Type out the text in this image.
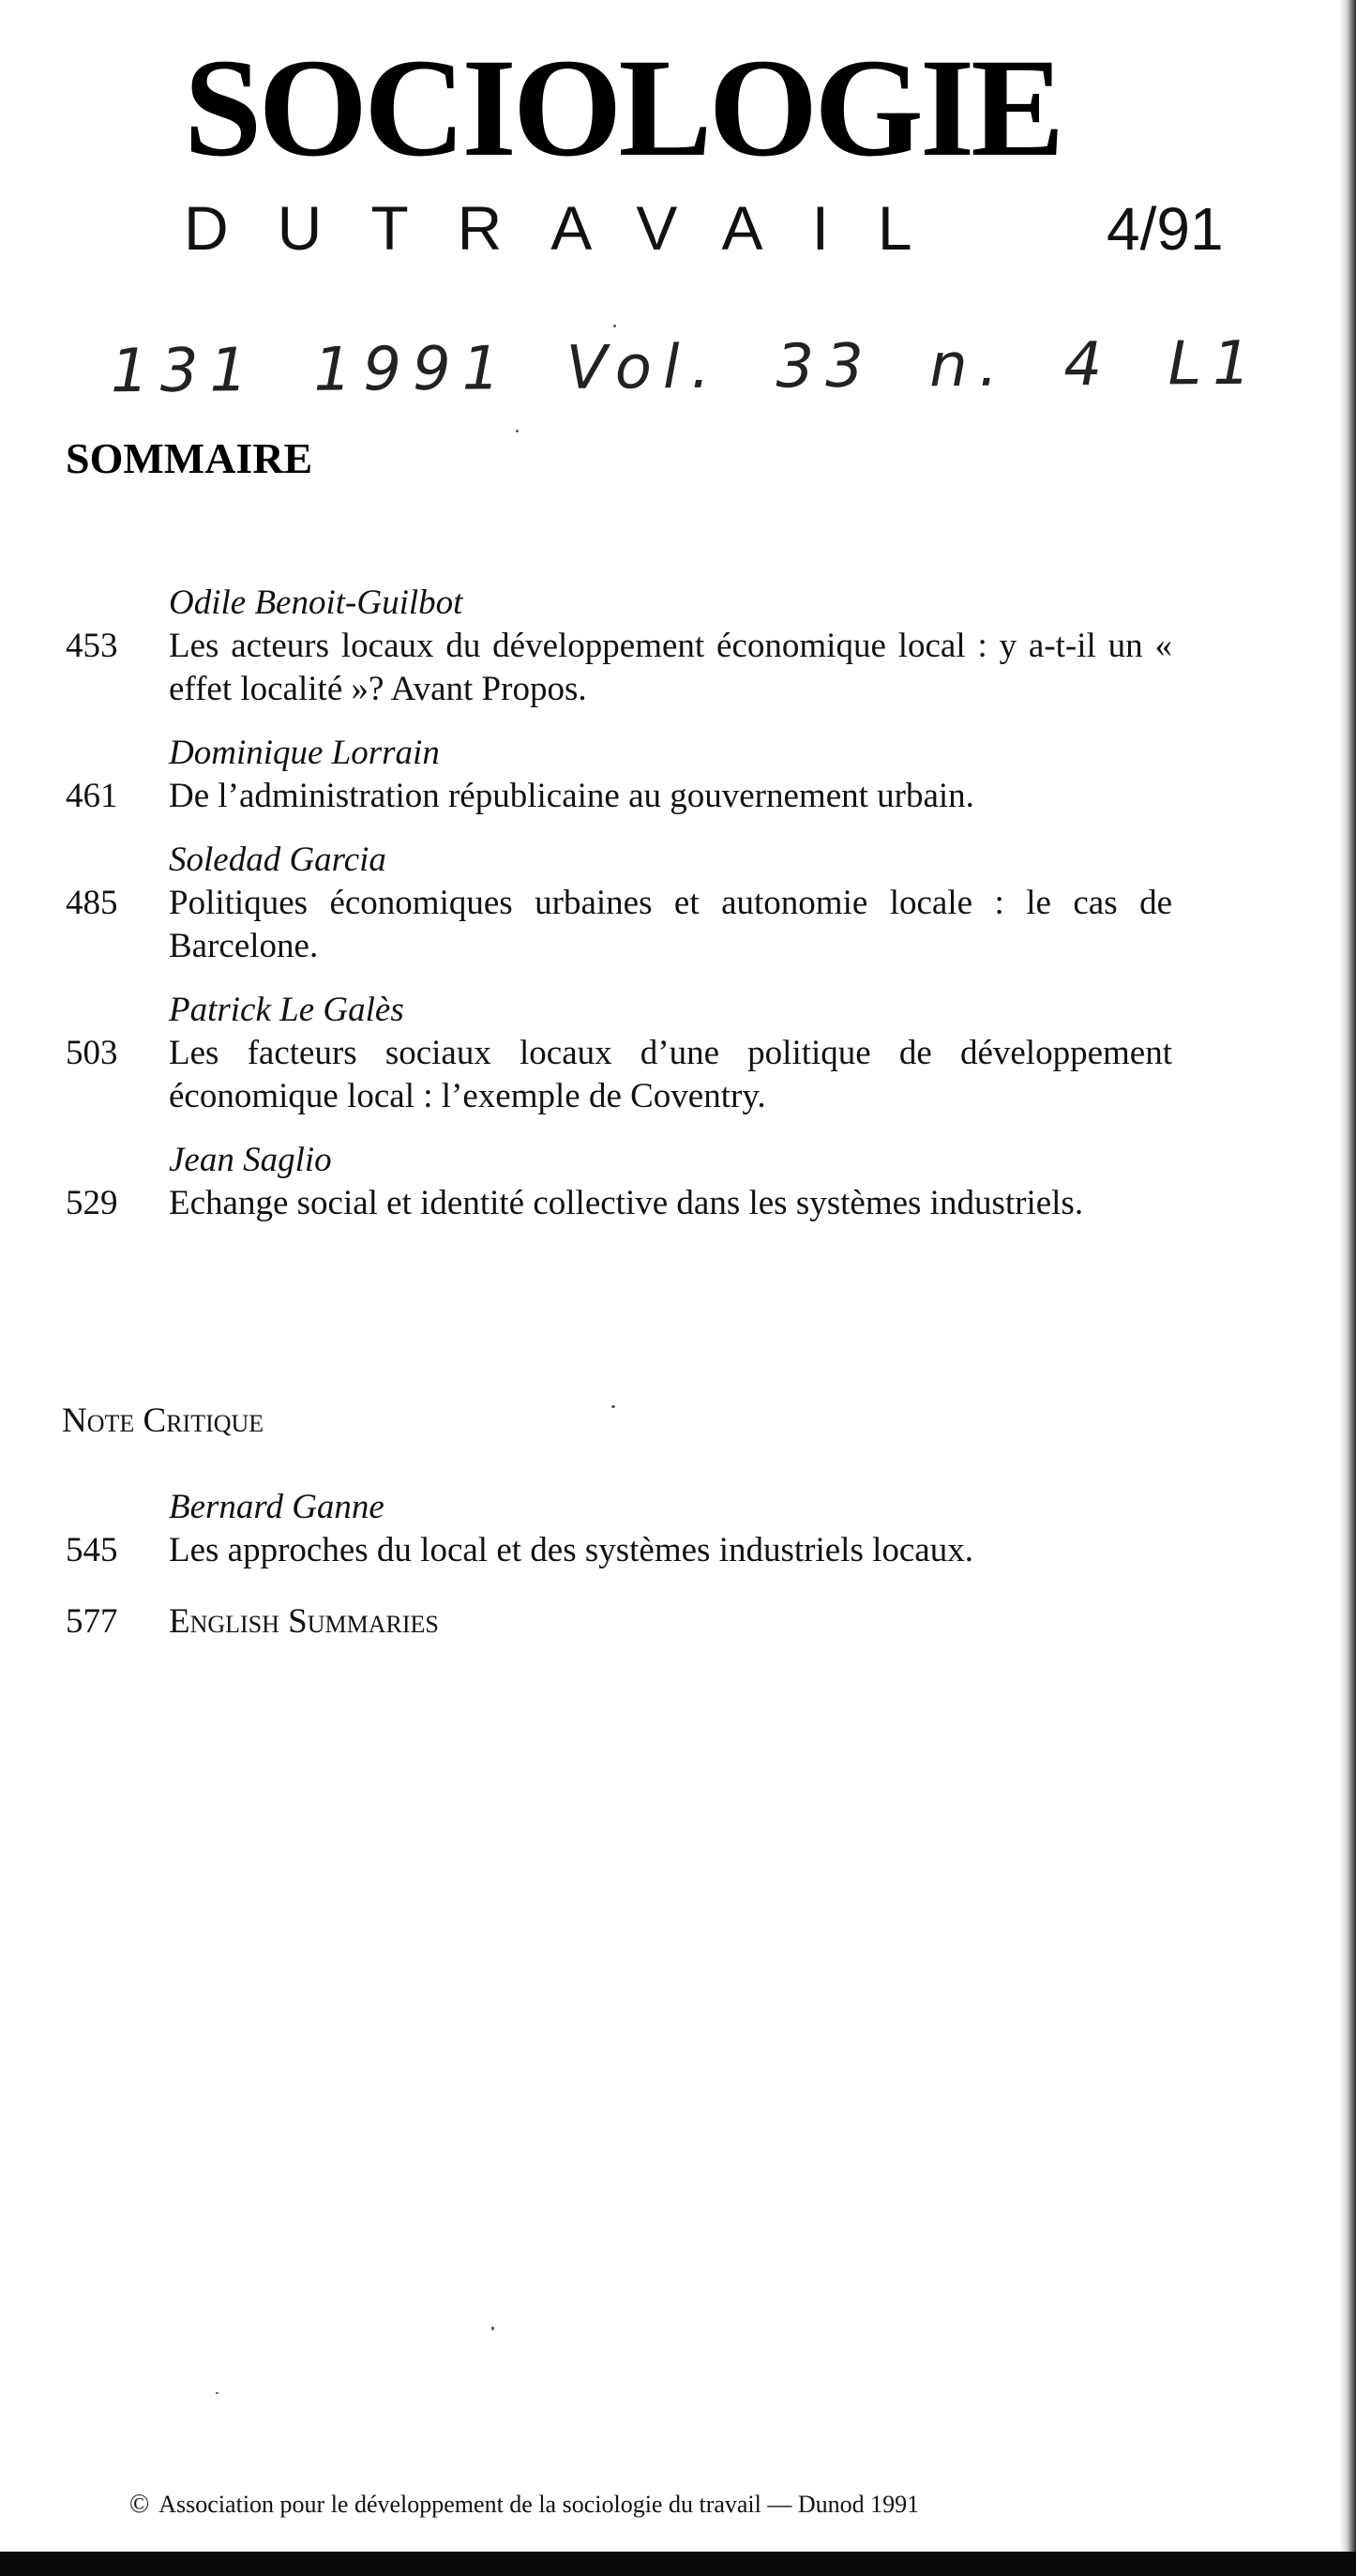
SOCIOLOGIE
DUTRAVAIL 4/91
131 1991 Vol. 33 n. 4 L1
SOMMAIRE
Odile Benoit-Guilbot
453	Les acteurs locaux du développement économique local : y a-t-il un « effet localité »? Avant Propos.
Dominique Lorrain
461	De l’administration républicaine au gouvernement urbain.
Soledad Garcia
485	Politiques économiques urbaines et autonomie locale : le cas de Barcelone.
Patrick Le Galès
503	Les facteurs sociaux locaux d’une politique de développement économique local : l’exemple de Coventry.
Jean Saglio
529	Echange social et identité collective dans les systèmes industriels.
Note Critique
Bernard Ganne
545	Les approches du local et des systèmes industriels locaux.
577	English Summaries
© Association pour le développement de la sociologie du travail — Dunod 1991
